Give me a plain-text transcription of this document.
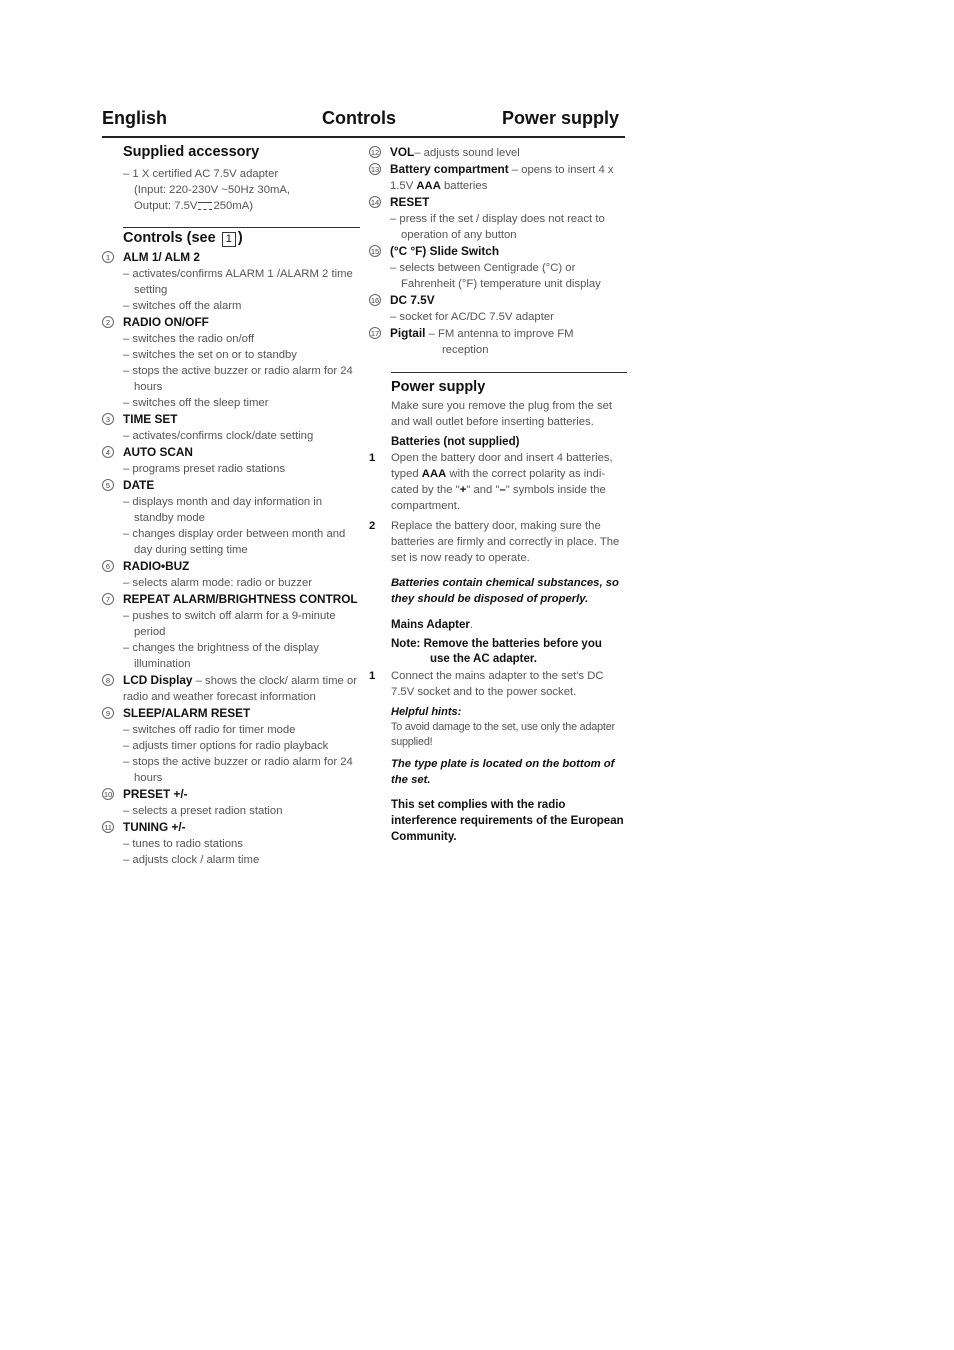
English	Controls	Power supply
Supplied accessory
– 1 X certified AC 7.5V adapter
(Input: 220-230V ~50Hz 30mA,
Output: 7.5V 250mA)
Controls (see 1 )
1	ALM 1/ ALM 2
– activates/confirms ALARM 1 /ALARM 2 time setting
– switches off the alarm
2	RADIO ON/OFF
– switches the radio on/off
– switches the set on or to standby
– stops the active buzzer or radio alarm for 24 hours
– switches off the sleep timer
3	TIME SET
– activates/confirms clock/date setting
4	AUTO SCAN
– programs preset radio stations
5	DATE
– displays month and day information in standby mode
– changes display order between month and day during setting time
6	RADIO•BUZ
– selects alarm mode: radio or buzzer
7	REPEAT ALARM/BRIGHTNESS CONTROL
– pushes to switch off alarm for a 9-minute period
– changes the brightness of the display illumination
8	LCD Display – shows the clock/ alarm time or radio and weather forecast information
9	SLEEP/ALARM RESET
– switches off radio for timer mode
– adjusts timer options for radio playback
– stops the active buzzer or radio alarm for 24 hours
10 PRESET +/-
– selects a preset radion station
11 TUNING +/-
– tunes to radio stations
– adjusts clock / alarm time
12 VOL– adjusts sound level
13 Battery compartment – opens to insert 4 x 1.5V AAA batteries
14 RESET
– press if the set / display does not react to operation of any button
15 (°C °F) Slide Switch
– selects between Centigrade (°C) or Fahrenheit (°F) temperature unit display
16 DC 7.5V
– socket for AC/DC 7.5V adapter
17 Pigtail – FM antenna to improve FM
reception
Power supply
Make sure you remove the plug from the set and wall outlet before inserting batteries.
Batteries (not supplied)
1 Open the battery door and insert 4 batteries, typed AAA with the correct polarity as indi-cated by the "+" and "–" symbols inside the compartment.
2 Replace the battery door, making sure the batteries are firmly and correctly in place. The set is now ready to operate.
Batteries contain chemical substances, so they should be disposed of properly.
Mains Adapter.
Note: Remove the batteries before you
use the AC adapter.
1 Connect the mains adapter to the set's DC 7.5V socket and to the power socket.
Helpful hints:
To avoid damage to the set, use only the adapter supplied!
The type plate is located on the bottom of the set.
This set complies with the radio interference requirements of the European Community.
